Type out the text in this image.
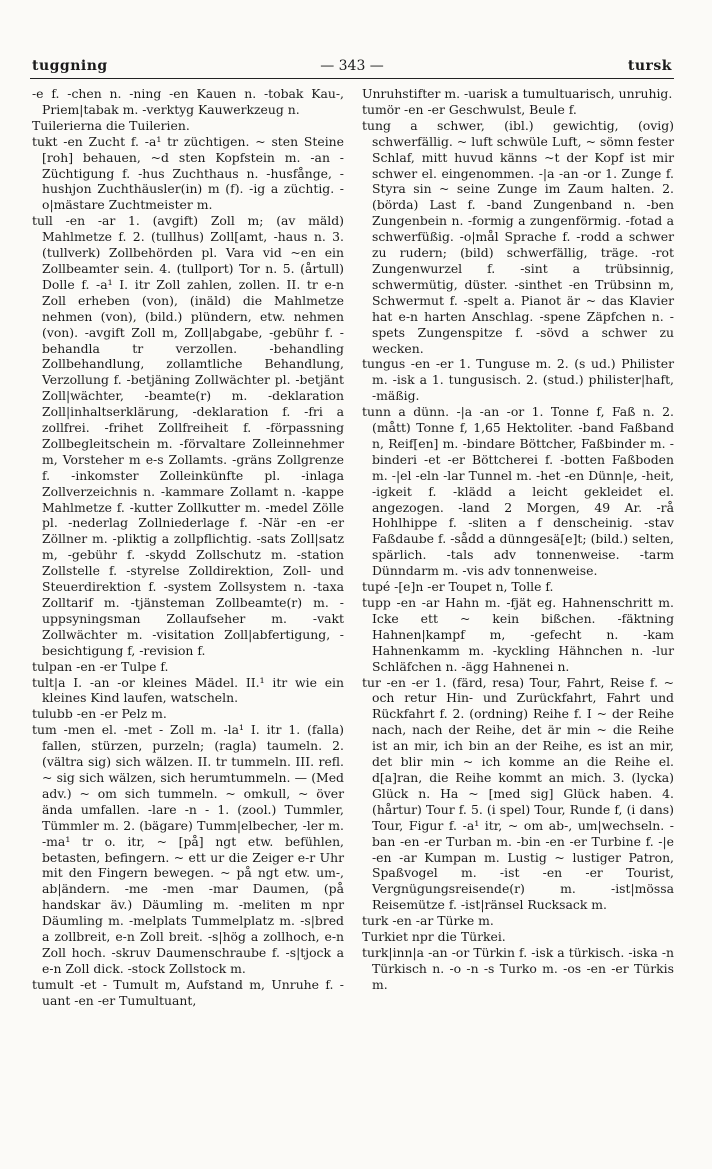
tuggning	— 343 —	tursk

-e f. -chen n. -ning -en Kauen n. -tobak Kau-, Priem|tabak m. -verktyg Kauwerkzeug n.

Tuilerierna die Tuilerien.

tukt -en Zucht f. -a¹ tr züchtigen. ~ sten Steine [roh] behauen, ~d sten Kopfstein m. -an - Züchtigung f. -hus Zuchthaus n. -husfånge, -hushjon Zuchthäusler(in) m (f). -ig a züchtig. -o|mästare Zuchtmeister m.

tull -en -ar 1. (avgift) Zoll m; (av mäld) Mahlmetze f. 2. (tullhus) Zoll[amt, -haus n. 3. (tullverk) Zollbehörden pl. Vara vid ~en ein Zollbeamter sein. 4. (tullport) Tor n. 5. (årtull) Dolle f. -a¹ I. itr Zoll zahlen, zollen. II. tr e-n Zoll erheben (von), (inäld) die Mahlmetze nehmen (von), (bild.) plündern, etw. nehmen (von). -avgift Zoll m, Zoll|abgabe, -gebühr f. -behandla tr verzollen. -behandling Zollbehandlung, zollamtliche Behandlung, Verzollung f. -betjäning Zollwächter pl. -betjänt Zoll|wächter, -beamte(r) m. -deklaration Zoll|inhaltserklärung, -deklaration f. -fri a zollfrei. -frihet Zollfreiheit f. -förpassning Zollbegleitschein m. -förvaltare Zolleinnehmer m, Vorsteher m e-s Zollamts. -gräns Zollgrenze f. -inkomster Zolleinkünfte pl. -inlaga Zollverzeichnis n. -kammare Zollamt n. -kappe Mahlmetze f. -kutter Zollkutter m. -medel Zölle pl. -nederlag Zollniederlage f. -När -en -er Zöllner m. -pliktig a zollpflichtig. -sats Zoll|satz m, -gebühr f. -skydd Zollschutz m. -station Zollstelle f. -styrelse Zolldirektion, Zoll- und Steuerdirektion f. -system Zollsystem n. -taxa Zolltarif m. -tjänsteman Zollbeamte(r) m. -uppsyningsman Zollaufseher m. -vakt Zollwächter m. -visitation Zoll|abfertigung, -besichtigung f, -revision f.

tulpan -en -er Tulpe f.

tult|a I. -an -or kleines Mädel. II.¹ itr wie ein kleines Kind laufen, watscheln.

tulubb -en -er Pelz m.

tum -men el. -met - Zoll m. -la¹ I. itr 1. (falla) fallen, stürzen, purzeln; (ragla) taumeln. 2. (vältra sig) sich wälzen. II. tr tummeln. III. refl. ~ sig sich wälzen, sich herumtummeln. — (Med adv.) ~ om sich tummeln. ~ omkull, ~ över ända umfallen. -lare -n - 1. (zool.) Tummler, Tümmler m. 2. (bägare) Tumm|elbecher, -ler m. -ma¹ tr o. itr, ~ [på] ngt etw. befühlen, betasten, befingern. ~ ett ur die Zeiger e-r Uhr mit den Fingern bewegen. ~ på ngt etw. um-, ab|ändern. -me -men -mar Daumen, (på handskar äv.) Däumling m. -meliten m npr Däumling m. -melplats Tummelplatz m. -s|bred a zollbreit, e-n Zoll breit. -s|hög a zollhoch, e-n Zoll hoch. -skruv Daumenschraube f. -s|tjock a e-n Zoll dick. -stock Zollstock m.

tumult -et - Tumult m, Aufstand m, Unruhe f. -uant -en -er Tumultuant,

Unruhstifter m. -uarisk a tumultuarisch, unruhig.

tumör -en -er Geschwulst, Beule f.

tung a schwer, (ibl.) gewichtig, (ovig) schwerfällig. ~ luft schwüle Luft, ~ sömn fester Schlaf, mitt huvud känns ~t der Kopf ist mir schwer el. eingenommen. -|a -an -or 1. Zunge f. Styra sin ~ seine Zunge im Zaum halten. 2. (börda) Last f. -band Zungenband n. -ben Zungenbein n. -formig a zungenförmig. -fotad a schwerfüßig. -o|mål Sprache f. -rodd a schwer zu rudern; (bild) schwerfällig, träge. -rot Zungenwurzel f. -sint a trübsinnig, schwermütig, düster. -sinthet -en Trübsinn m, Schwermut f. -spelt a. Pianot är ~ das Klavier hat e-n harten Anschlag. -spene Zäpfchen n. -spets Zungenspitze f. -sövd a schwer zu wecken.

tungus -en -er 1. Tunguse m. 2. (s ud.) Philister m. -isk a 1. tungusisch. 2. (stud.) philister|haft, -mäßig.

tunn a dünn. -|a -an -or 1. Tonne f, Faß n. 2. (mått) Tonne f, 1,65 Hektoliter. -band Faßband n, Reif[en] m. -bindare Böttcher, Faßbinder m. -binderi -et -er Böttcherei f. -botten Faßboden m. -|el -eln -lar Tunnel m. -het -en Dünn|e, -heit, -igkeit f. -klädd a leicht gekleidet el. angezogen. -land 2 Morgen, 49 Ar. -rå Hohlhippe f. -sliten a f denscheinig. -stav Faßdaube f. -sådd a dünngesä[e]t; (bild.) selten, spärlich. -tals adv tonnenweise. -tarm Dünndarm m. -vis adv tonnenweise.

tupé -[e]n -er Toupet n, Tolle f.

tupp -en -ar Hahn m. -fjät eg. Hahnenschritt m. Icke ett ~ kein bißchen. -fäktning Hahnen|kampf m, -gefecht n. -kam Hahnenkamm m. -kyckling Hähnchen n. -lur Schläfchen n. -ägg Hahnenei n.

tur -en -er 1. (färd, resa) Tour, Fahrt, Reise f. ~ och retur Hin- und Zurückfahrt, Fahrt und Rückfahrt f. 2. (ordning) Reihe f. I ~ der Reihe nach, nach der Reihe, det är min ~ die Reihe ist an mir, ich bin an der Reihe, es ist an mir, det blir min ~ ich komme an die Reihe el. d[a]ran, die Reihe kommt an mich. 3. (lycka) Glück n. Ha ~ [med sig] Glück haben. 4. (hårtur) Tour f. 5. (i spel) Tour, Runde f, (i dans) Tour, Figur f. -a¹ itr, ~ om ab-, um|wechseln. -ban -en -er Turban m. -bin -en -er Turbine f. -|e -en -ar Kumpan m. Lustig ~ lustiger Patron, Spaßvogel m. -ist -en -er Tourist, Vergnügungsreisende(r) m. -ist|mössa Reisemütze f. -ist|ränsel Rucksack m.

turk -en -ar Türke m.

Turkiet npr die Türkei.

turk|inn|a -an -or Türkin f. -isk a türkisch. -iska -n Türkisch n. -o -n -s Turko m. -os -en -er Türkis m.
